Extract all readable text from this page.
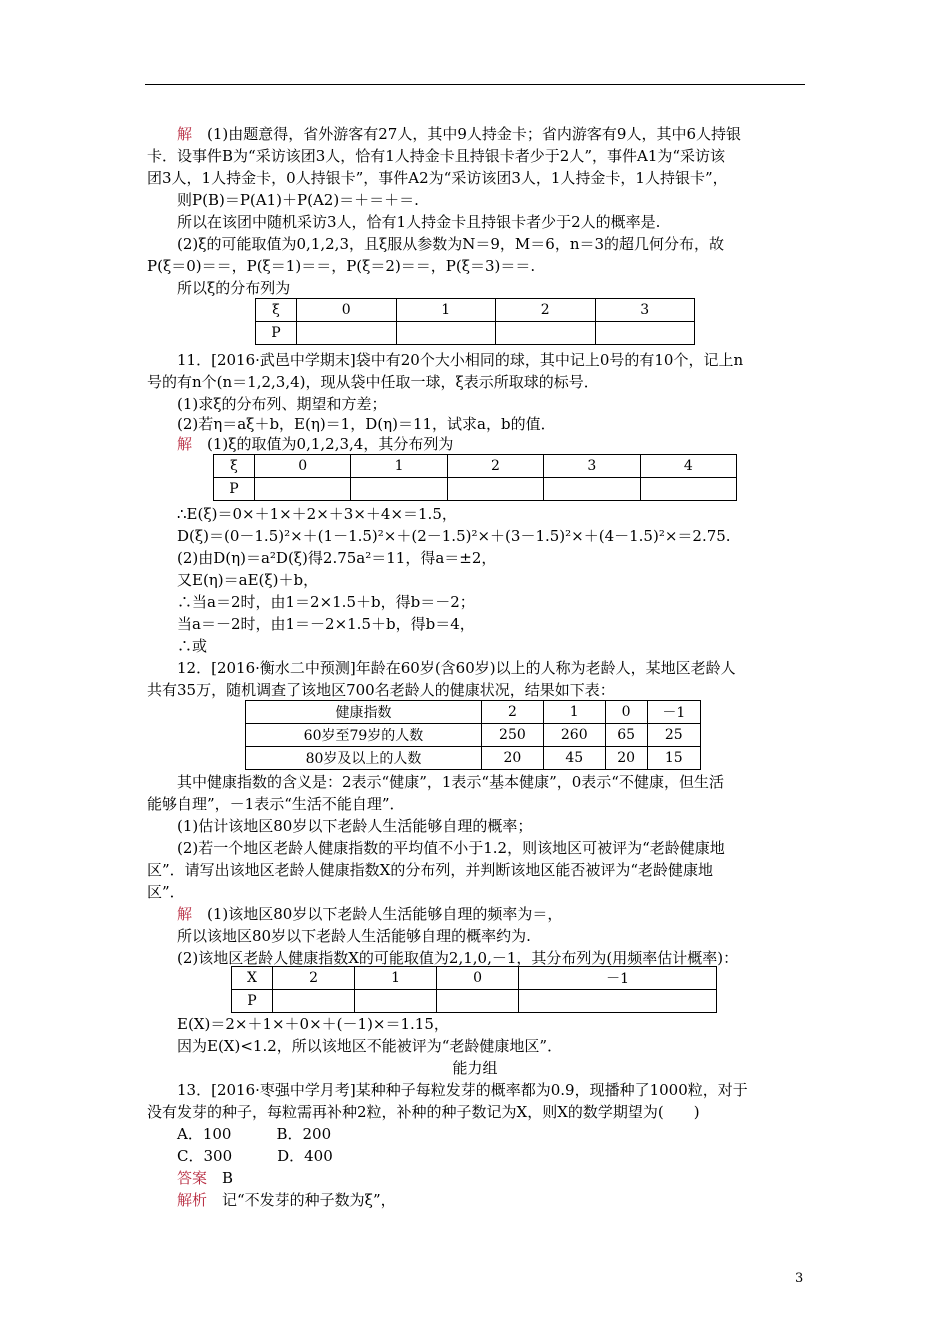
解　(1)由题意得，省外游客有27人，其中9人持金卡；省内游客有9人，其中6人持银
卡．设事件B为“采访该团3人，恰有1人持金卡且持银卡者少于2人”，事件A1为“采访该
团3人，1人持金卡，0人持银卡”，事件A2为“采访该团3人，1人持金卡，1人持银卡”，
则P(B)＝P(A1)＋P(A2)＝＋＝＋＝.
所以在该团中随机采访3人，恰有1人持金卡且持银卡者少于2人的概率是.
(2)ξ的可能取值为0,1,2,3，且ξ服从参数为N＝9，M＝6，n＝3的超几何分布，故
P(ξ＝0)＝＝，P(ξ＝1)＝＝，P(ξ＝2)＝＝，P(ξ＝3)＝＝.
所以ξ的分布列为
ξ	0	1	2	3
P				
11．[2016·武邑中学期末]袋中有20个大小相同的球，其中记上0号的有10个，记上n
号的有n个(n＝1,2,3,4)，现从袋中任取一球，ξ表示所取球的标号．
(1)求ξ的分布列、期望和方差；
(2)若η＝aξ＋b，E(η)＝1，D(η)＝11，试求a，b的值．
解　(1)ξ的取值为0,1,2,3,4，其分布列为
ξ	0	1	2	3	4
P					
∴E(ξ)＝0×＋1×＋2×＋3×＋4×＝1.5，
D(ξ)＝(0－1.5)²×＋(1－1.5)²×＋(2－1.5)²×＋(3－1.5)²×＋(4－1.5)²×＝2.75.
(2)由D(η)＝a²D(ξ)得2.75a²＝11，得a＝±2，
又E(η)＝aE(ξ)＋b，
∴当a＝2时，由1＝2×1.5＋b，得b＝－2；
当a＝－2时，由1＝－2×1.5＋b，得b＝4，
∴或
12．[2016·衡水二中预测]年龄在60岁(含60岁)以上的人称为老龄人，某地区老龄人
共有35万，随机调查了该地区700名老龄人的健康状况，结果如下表：
健康指数	2	1	0	－1
60岁至79岁的人数	250	260	65	25
80岁及以上的人数	20	45	20	15
其中健康指数的含义是：2表示“健康”，1表示“基本健康”，0表示“不健康，但生活
能够自理”，－1表示“生活不能自理”．
(1)估计该地区80岁以下老龄人生活能够自理的概率；
(2)若一个地区老龄人健康指数的平均值不小于1.2，则该地区可被评为“老龄健康地
区”．请写出该地区老龄人健康指数X的分布列，并判断该地区能否被评为“老龄健康地
区”．
解　(1)该地区80岁以下老龄人生活能够自理的频率为＝，
所以该地区80岁以下老龄人生活能够自理的概率约为.
(2)该地区老龄人健康指数X的可能取值为2,1,0,－1，其分布列为(用频率估计概率)：
X	2	1	0	－1
P				
E(X)＝2×＋1×＋0×＋(－1)×＝1.15，
因为E(X)<1.2，所以该地区不能被评为“老龄健康地区”．
能力组
13．[2016·枣强中学月考]某种种子每粒发芽的概率都为0.9，现播种了1000粒，对于
没有发芽的种子，每粒需再补种2粒，补种的种子数记为X，则X的数学期望为(　　)
A．100　　　B．200
C．300　　　D．400
答案　B
解析　记“不发芽的种子数为ξ”，
3
